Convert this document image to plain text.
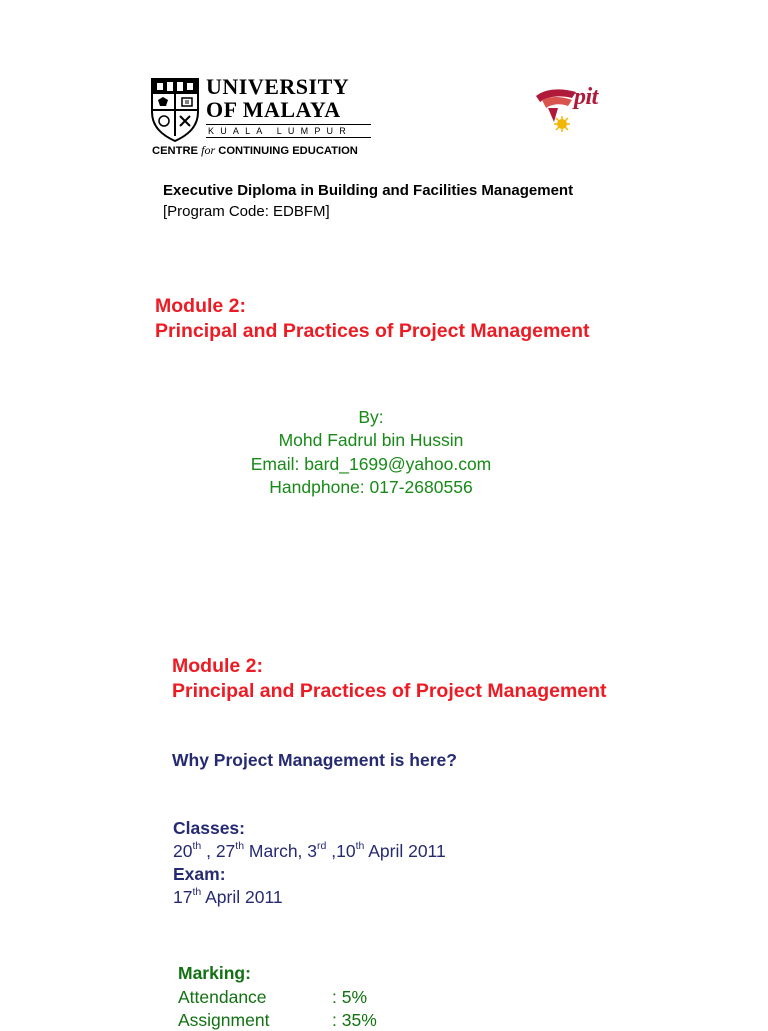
UNIVERSITY
OF MALAYA
KUALA LUMPUR
CENTRE for CONTINUING EDUCATION
pit
Executive Diploma in Building and Facilities Management
[Program Code: EDBFM]
Module 2:
Principal and Practices of Project Management
By:
Mohd Fadrul bin Hussin
Email: bard_1699@yahoo.com
Handphone: 017-2680556
Module 2:
Principal and Practices of Project Management
Why Project Management is here?
Classes:
20th , 27th March, 3rd ,10th April 2011
Exam:
17th April 2011
Marking:
Attendance	: 5%
Assignment	: 35%
